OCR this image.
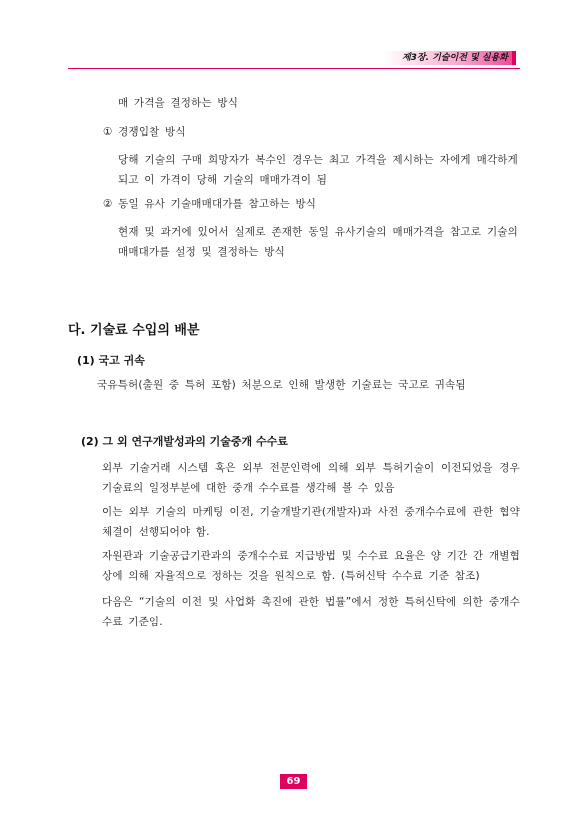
제3장. 기술이전 및 실용화
매 가격을 결정하는 방식
① 경쟁입찰 방식
당해 기술의 구매 희망자가 복수인 경우는 최고 가격을 제시하는 자에게 매각하게 되고 이 가격이 당해 기술의 매매가격이 됨
② 동일 유사 기술매매대가를 참고하는 방식
현재 및 과거에 있어서 실제로 존재한 동일 유사기술의 매매가격을 참고로 기술의 매매대가를 설정 및 결정하는 방식
다. 기술료 수입의 배분
(1) 국고 귀속
국유특허(출원 중 특허 포함) 처분으로 인해 발생한 기술료는 국고로 귀속됨
(2) 그 외 연구개발성과의 기술중개 수수료
외부 기술거래 시스템 혹은 외부 전문인력에 의해 외부 특허기술이 이전되었을 경우 기술료의 일정부분에 대한 중개 수수료를 생각해 볼 수 있음
이는 외부 기술의 마케팅 이전, 기술개발기관(개발자)과 사전 중개수수료에 관한 협약 체결이 선행되어야 함.
자원관과 기술공급기관과의 중개수수료 지급방법 및 수수료 요율은 양 기간 간 개별협상에 의해 자율적으로 정하는 것을 원칙으로 함. (특허신탁 수수료 기준 참조)
다음은 “기술의 이전 및 사업화 촉진에 관한 법률”에서 정한 특허신탁에 의한 중개수수료 기준임.
69
